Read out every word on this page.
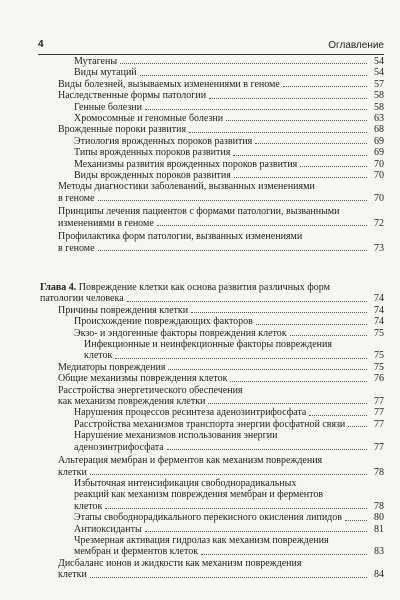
4	Оглавление
Мутагены	54
Виды мутаций	54
Виды болезней, вызываемых изменениями в геноме	57
Наследственные формы патологии	58
Генные болезни	58
Хромосомные и геномные болезни	63
Врожденные пороки развития	68
Этиология врожденных пороков развития	69
Типы врожденных пороков развития	69
Механизмы развития врожденных пороков развития	70
Виды врожденных пороков развития	70
Методы диагностики заболеваний, вызванных изменениями
в геноме	70
Принципы лечения пациентов с формами патологии, вызванными
изменениями в геноме	72
Профилактика форм патологии, вызванных изменениями
в геноме	73
Глава 4. Повреждение клетки как основа развития различных форм
патологии человека	74
Причины повреждения клетки	74
Происхождение повреждающих факторов	74
Экзо- и эндогенные факторы повреждения клеток	75
Инфекционные и неинфекционные факторы повреждения
клеток	75
Медиаторы повреждения	75
Общие механизмы повреждения клеток	76
Расстройства энергетического обеспечения
как механизм повреждения клетки	77
Нарушения процессов ресинтеза аденозинтрифосфата	77
Расстройства механизмов транспорта энергии фосфатной связи	77
Нарушение механизмов использования энергии
аденозинтрифосфата	77
Альтерация мембран и ферментов как механизм повреждения
клетки	78
Избыточная интенсификация свободнорадикальных
реакций как механизм повреждения мембран и ферментов
клеток	78
Этапы свободнорадикального перекисного окисления липидов	80
Антиоксиданты	81
Чрезмерная активация гидролаз как механизм повреждения
мембран и ферментов клеток	83
Дисбаланс ионов и жидкости как механизм повреждения
клетки	84
